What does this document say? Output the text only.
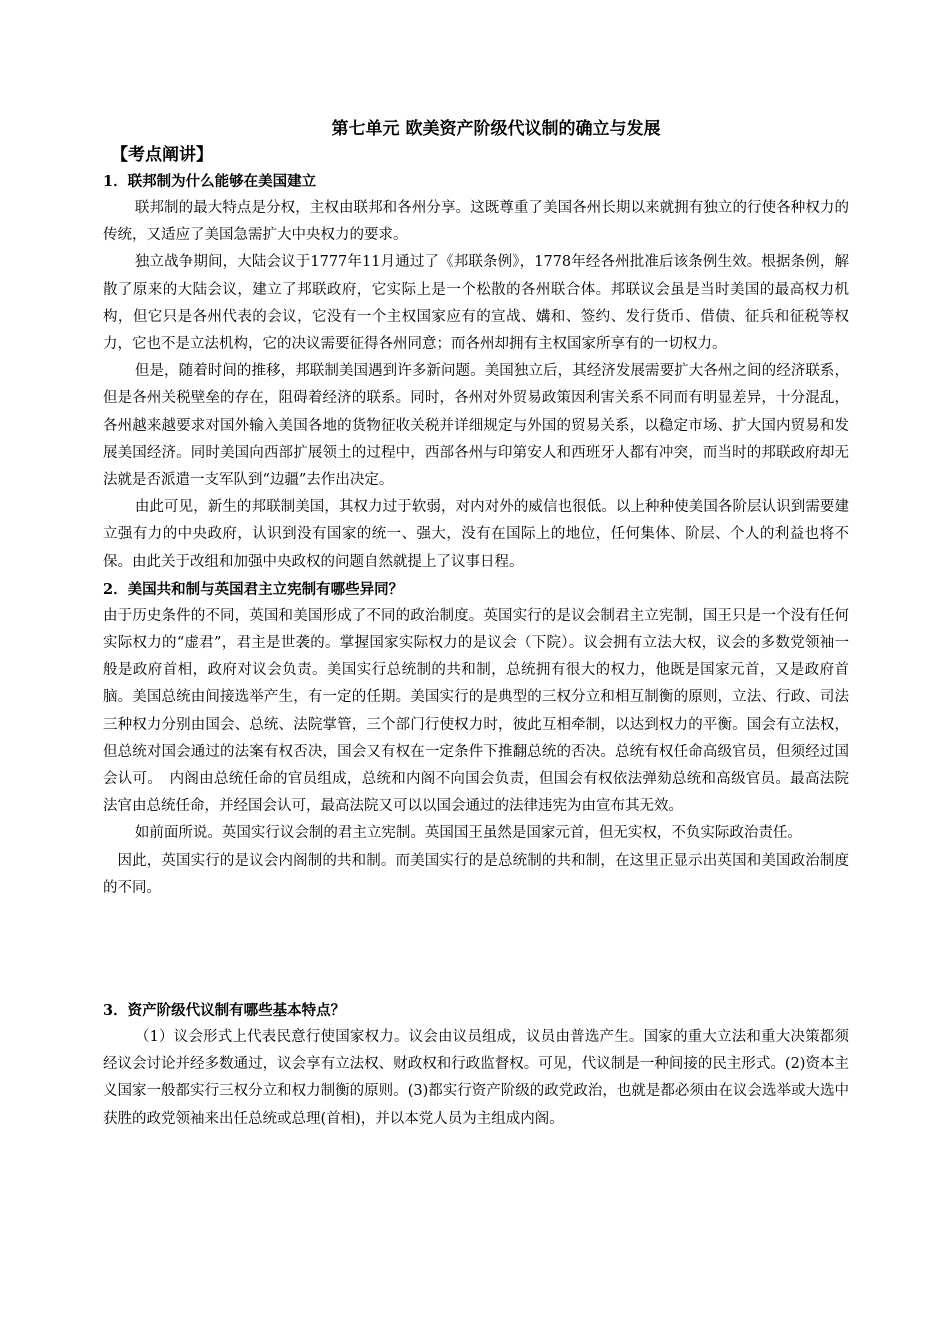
第七单元 欧美资产阶级代议制的确立与发展
【考点阐讲】
1．联邦制为什么能够在美国建立

联邦制的最大特点是分权，主权由联邦和各州分享。这既尊重了美国各州长期以来就拥有独立的行使各种权力的传统，又适应了美国急需扩大中央权力的要求。

独立战争期间，大陆会议于1777年11月通过了《邦联条例》，1778年经各州批准后该条例生效。根据条例，解散了原来的大陆会议，建立了邦联政府，它实际上是一个松散的各州联合体。邦联议会虽是当时美国的最高权力机构，但它只是各州代表的会议，它没有一个主权国家应有的宣战、媾和、签约、发行货币、借债、征兵和征税等权力，它也不是立法机构，它的决议需要征得各州同意；而各州却拥有主权国家所享有的一切权力。

但是，随着时间的推移，邦联制美国遇到许多新问题。美国独立后，其经济发展需要扩大各州之间的经济联系，但是各州关税壁垒的存在，阻碍着经济的联系。同时，各州对外贸易政策因利害关系不同而有明显差异，十分混乱，各州越来越要求对国外输入美国各地的货物征收关税并详细规定与外国的贸易关系，以稳定市场、扩大国内贸易和发展美国经济。同时美国向西部扩展领土的过程中，西部各州与印第安人和西班牙人都有冲突，而当时的邦联政府却无法就是否派遣一支军队到“边疆”去作出决定。

由此可见，新生的邦联制美国，其权力过于软弱，对内对外的威信也很低。以上种种使美国各阶层认识到需要建立强有力的中央政府，认识到没有国家的统一、强大，没有在国际上的地位，任何集体、阶层、个人的利益也将不保。由此关于改组和加强中央政权的问题自然就提上了议事日程。

2．美国共和制与英国君主立宪制有哪些异同？

由于历史条件的不同，英国和美国形成了不同的政治制度。英国实行的是议会制君主立宪制，国王只是一个没有任何实际权力的“虚君”，君主是世袭的。掌握国家实际权力的是议会（下院）。议会拥有立法大权，议会的多数党领袖一般是政府首相，政府对议会负责。美国实行总统制的共和制，总统拥有很大的权力，他既是国家元首，又是政府首脑。美国总统由间接选举产生，有一定的任期。美国实行的是典型的三权分立和相互制衡的原则，立法、行政、司法三种权力分别由国会、总统、法院掌管，三个部门行使权力时，彼此互相牵制，以达到权力的平衡。国会有立法权，但总统对国会通过的法案有权否决，国会又有权在一定条件下推翻总统的否决。总统有权任命高级官员，但须经过国会认可。　内阁由总统任命的官员组成，总统和内阁不向国会负责，但国会有权依法弹劾总统和高级官员。最高法院法官由总统任命，并经国会认可，最高法院又可以以国会通过的法律违宪为由宣布其无效。

如前面所说。英国实行议会制的君主立宪制。英国国王虽然是国家元首，但无实权，不负实际政治责任。

因此，英国实行的是议会内阁制的共和制。而美国实行的是总统制的共和制，在这里正显示出英国和美国政治制度的不同。

3．资产阶级代议制有哪些基本特点？

（1）议会形式上代表民意行使国家权力。议会由议员组成，议员由普选产生。国家的重大立法和重大决策都须经议会讨论并经多数通过，议会享有立法权、财政权和行政监督权。可见，代议制是一种间接的民主形式。(2)资本主义国家一般都实行三权分立和权力制衡的原则。(3)都实行资产阶级的政党政治，也就是都必须由在议会选举或大选中获胜的政党领袖来出任总统或总理(首相)，并以本党人员为主组成内阁。
